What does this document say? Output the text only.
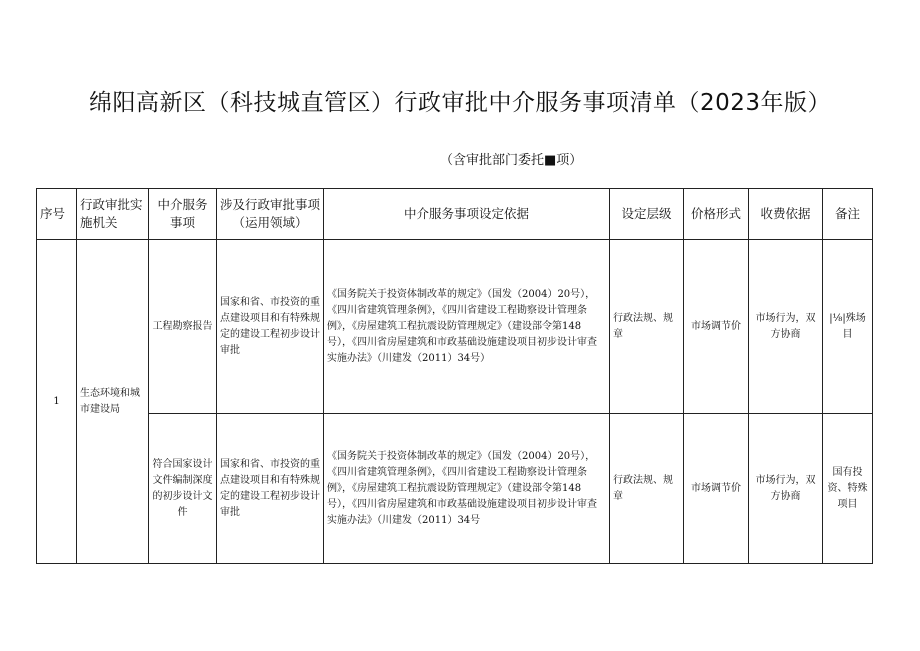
绵阳高新区（科技城直管区）行政审批中介服务事项清单（2023年版）
（含审批部门委托■项）
序号	行政审批实施机关	中介服务事项	涉及行政审批事项（运用领域）	中介服务事项设定依据	设定层级	价格形式	收费依据	备注
1	生态环境和城市建设局	工程勘察报告	国家和省、市投资的重点建设项目和有特殊规定的建设工程初步设计审批	《国务院关于投资体制改革的规定》（国发（2004）20号），《四川省建筑管理条例》，《四川省建设工程勘察设计管理条例》，《房屋建筑工程抗震设防管理规定》（建设部令第148号），《四川省房屋建筑和市政基础设施建设项目初步设计审查实施办法》（川建发（2011）34号）	行政法规、规章	市场调节价	市场行为，双方协商	|⅛|殊场目
		符合国家设计文件编制深度的初步设计文件	国家和省、市投资的重点建设项目和有特殊规定的建设工程初步设计审批	《国务院关于投资体制改革的规定》（国发（2004）20号），《四川省建筑管理条例》，《四川省建设工程勘察设计管理条例》，《房屋建筑工程抗震设防管理规定》（建设部令第148号），《四川省房屋建筑和市政基础设施建设项目初步设计审查实施办法》（川建发（2011）34号	行政法规、规章	市场调节价	市场行为，双方协商	国有投资、特殊项目
